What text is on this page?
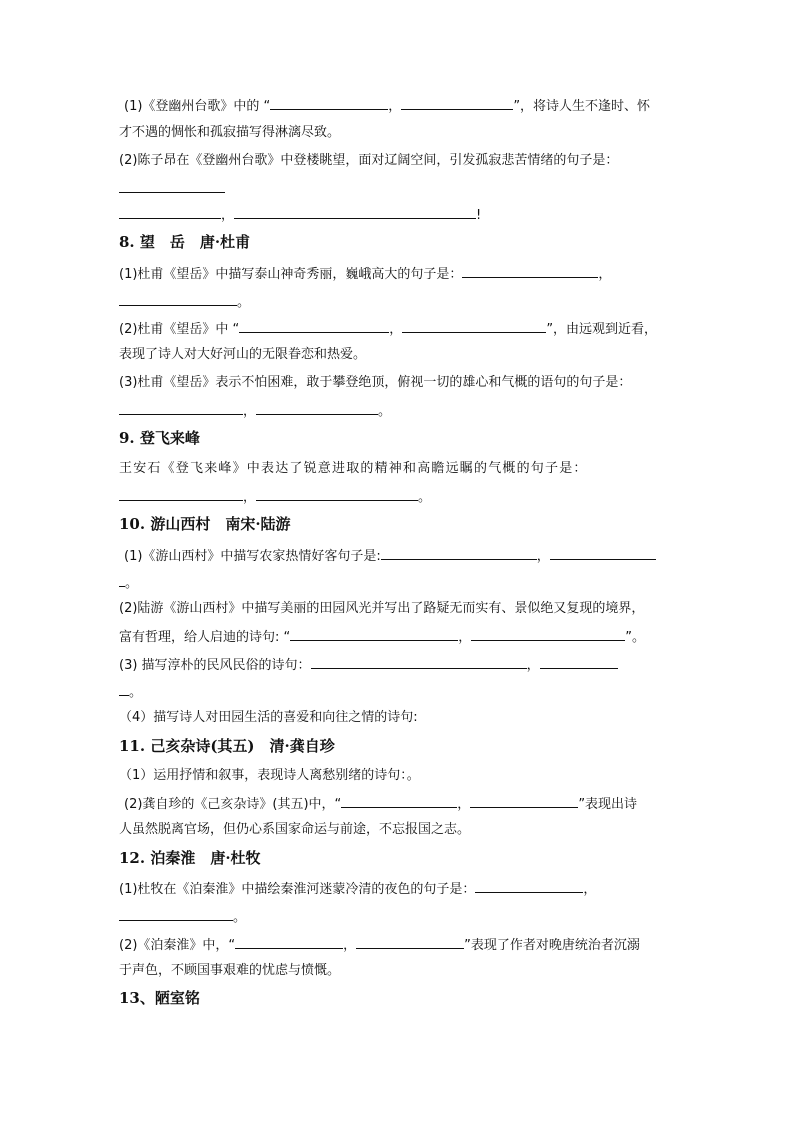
(1)《登幽州台歌》中的 “	，	”，将诗人生不逢时、怀
才不遇的惆怅和孤寂描写得淋漓尽致。
(2)陈子昂在《登幽州台歌》中登楼眺望，面对辽阔空间，引发孤寂悲苦情绪的句子是：
，	!
8. 望　岳　唐·杜甫
(1)杜甫《望岳》中描写泰山神奇秀丽，巍峨高大的句子是：	，
。
(2)杜甫《望岳》中 “	，	”，由远观到近看，
表现了诗人对大好河山的无限眷恋和热爱。
(3)杜甫《望岳》表示不怕困难，敢于攀登绝顶，俯视一切的雄心和气概的语句的句子是：
，	。
9. 登飞来峰
王安石《登飞来峰》中表达了锐意进取的精神和高瞻远瞩的气概的句子是：
，	。
10. 游山西村　南宋·陆游
(1)《游山西村》中描写农家热情好客句子是:	，
。
(2)陆游《游山西村》中描写美丽的田园风光并写出了路疑无而实有、景似绝又复现的境界，
富有哲理，给人启迪的诗句: “	，	”。
(3) 描写淳朴的民风民俗的诗句：	，
。
（4）描写诗人对田园生活的喜爱和向往之情的诗句:
11. 己亥杂诗(其五)　清·龚自珍
（1）运用抒情和叙事，表现诗人离愁别绪的诗句：。
(2)龚自珍的《己亥杂诗》(其五)中，“	，	”表现出诗
人虽然脱离官场，但仍心系国家命运与前途，不忘报国之志。
12. 泊秦淮　唐·杜牧
(1)杜牧在《泊秦淮》中描绘秦淮河迷蒙冷清的夜色的句子是：	，
。
(2)《泊秦淮》中，“	，	”表现了作者对晚唐统治者沉溺
于声色，不顾国事艰难的忧虑与愤慨。
13、陋室铭
